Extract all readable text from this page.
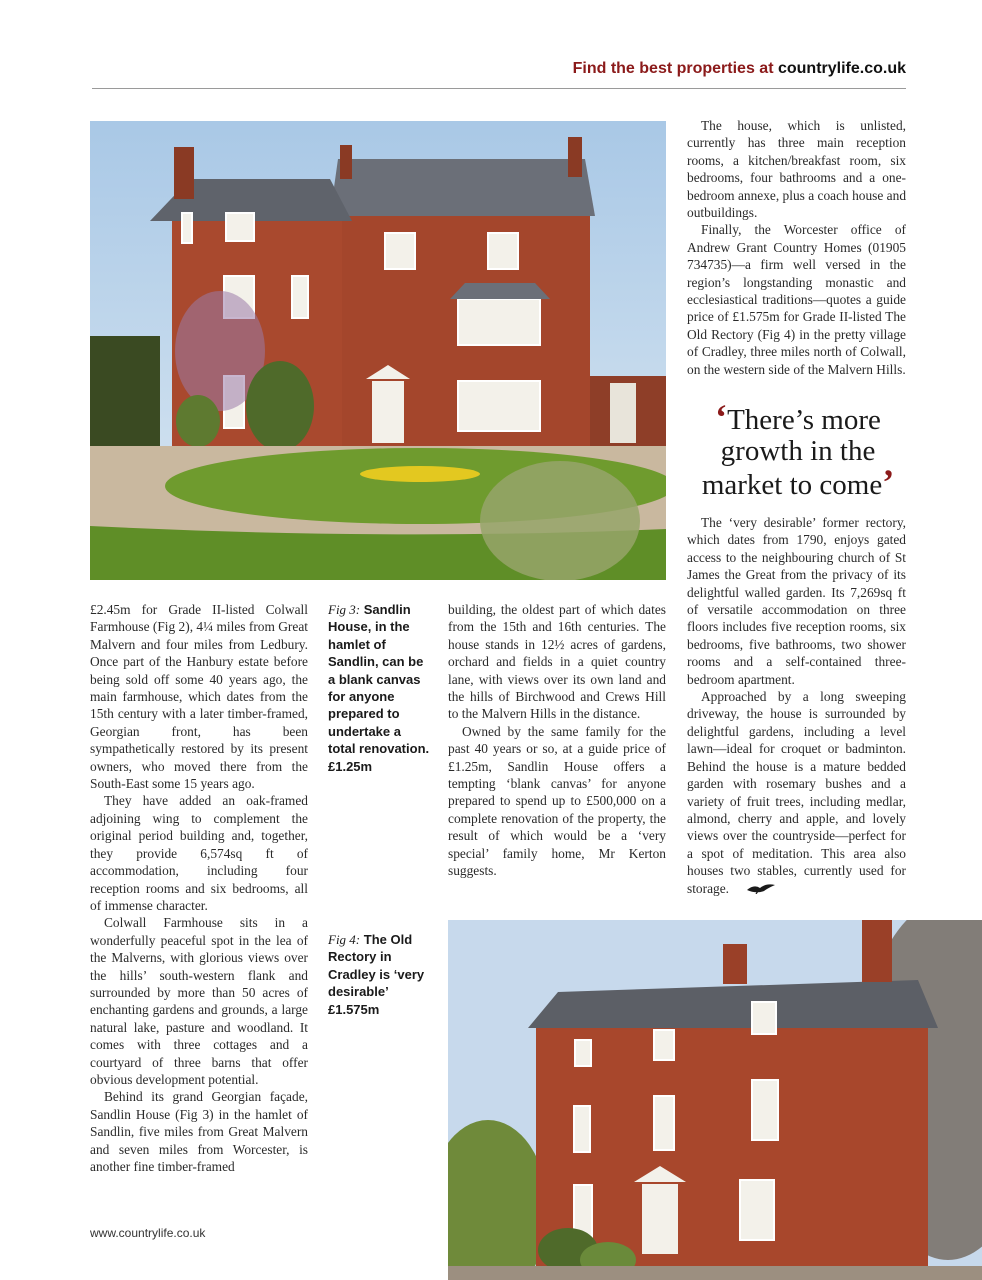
Find the best properties at countrylife.co.uk

£2.45m for Grade II-listed Colwall Farmhouse (Fig 2), 4¼ miles from Great Malvern and four miles from Ledbury. Once part of the Hanbury estate before being sold off some 40 years ago, the main farmhouse, which dates from the 15th century with a later timber-framed, Georgian front, has been sympathetically restored by its present owners, who moved there from the South-East some 15 years ago.

They have added an oak-framed adjoining wing to complement the original period building and, together, they provide 6,574sq ft of accommodation, including four reception rooms and six bedrooms, all of immense character.

Colwall Farmhouse sits in a wonderfully peaceful spot in the lea of the Malverns, with glorious views over the hills’ south-western flank and surrounded by more than 50 acres of enchanting gardens and grounds, a large natural lake, pasture and woodland. It comes with three cottages and a courtyard of three barns that offer obvious development potential.

Behind its grand Georgian façade, Sandlin House (Fig 3) in the hamlet of Sandlin, five miles from Great Malvern and seven miles from Worcester, is another fine timber-framed

Fig 3: Sandlin House, in the hamlet of Sandlin, can be a blank canvas for anyone prepared to undertake a total renovation. £1.25m
Fig 4: The Old Rectory in Cradley is ‘very desirable’ £1.575m

building, the oldest part of which dates from the 15th and 16th centuries. The house stands in 12½ acres of gardens, orchard and fields in a quiet country lane, with views over its own land and the hills of Birchwood and Crews Hill to the Malvern Hills in the distance.

Owned by the same family for the past 40 years or so, at a guide price of £1.25m, Sandlin House offers a tempting ‘blank canvas’ for anyone prepared to spend up to £500,000 on a complete renovation of the property, the result of which would be a ‘very special’ family home, Mr Kerton suggests.

The house, which is unlisted, currently has three main reception rooms, a kitchen/breakfast room, six bedrooms, four bathrooms and a one-bedroom annexe, plus a coach house and outbuildings.

Finally, the Worcester office of Andrew Grant Country Homes (01905 734735)—a firm well versed in the region’s longstanding monastic and ecclesiastical traditions—quotes a guide price of £1.575m for Grade II-listed The Old Rectory (Fig 4) in the pretty village of Cradley, three miles north of Colwall, on the western side of the Malvern Hills.

‘There’s more growth in the market to come’

The ‘very desirable’ former rectory, which dates from 1790, enjoys gated access to the neighbouring church of St James the Great from the privacy of its delightful walled garden. Its 7,269sq ft of versatile accommodation on three floors includes five reception rooms, six bedrooms, five bathrooms, two shower rooms and a self-contained three-bedroom apartment.

Approached by a long sweeping driveway, the house is surrounded by delightful gardens, including a level lawn—ideal for croquet or badminton. Behind the house is a mature bedded garden with rosemary bushes and a variety of fruit trees, including medlar, almond, cherry and apple, and lovely views over the countryside—perfect for a spot of meditation. This area also houses two stables, currently used for storage.

www.countrylife.co.uk
